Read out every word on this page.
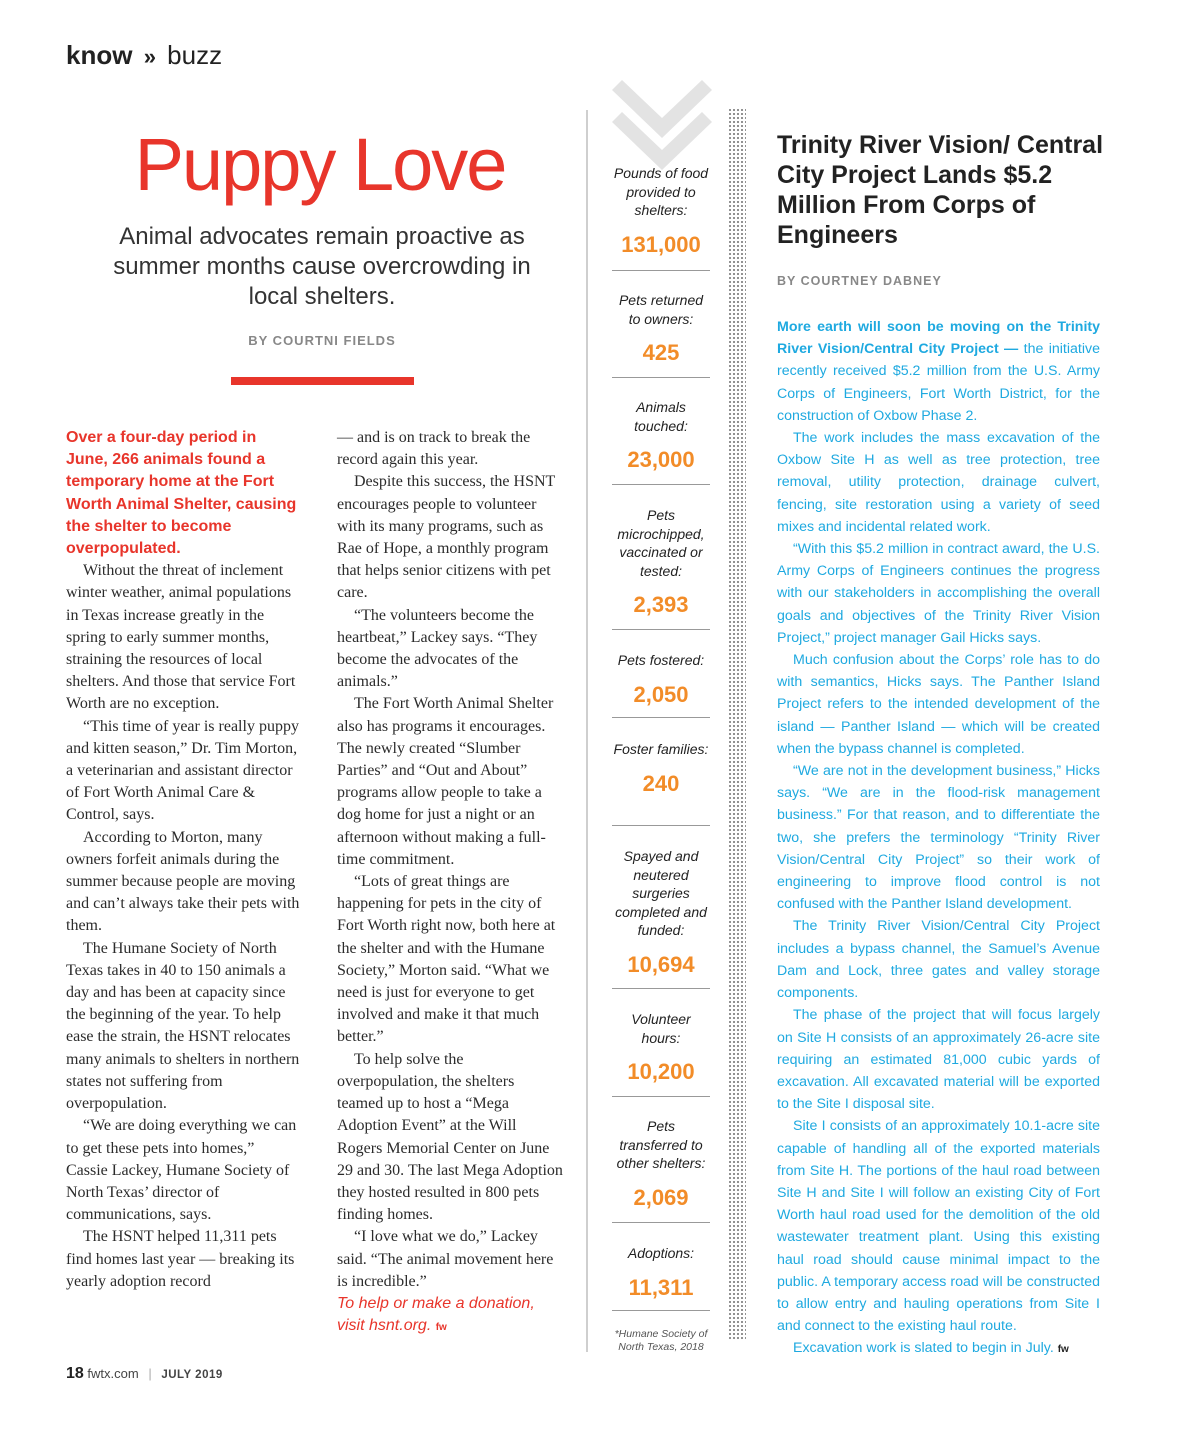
know » buzz
Puppy Love
Animal advocates remain proactive as summer months cause overcrowding in local shelters.
BY COURTNI FIELDS

Over a four-day period in June, 266 animals found a temporary home at the Fort Worth Animal Shelter, causing the shelter to become overpopulated.

Without the threat of inclement winter weather, animal populations in Texas increase greatly in the spring to early summer months, straining the resources of local shelters. And those that service Fort Worth are no exception.

“This time of year is really puppy and kitten season,” Dr. Tim Morton, a veterinarian and assistant director of Fort Worth Animal Care & Control, says.

According to Morton, many owners forfeit animals during the summer because people are moving and can’t always take their pets with them.

The Humane Society of North Texas takes in 40 to 150 animals a day and has been at capacity since the beginning of the year. To help ease the strain, the HSNT relocates many animals to shelters in northern states not suffering from overpopulation.

“We are doing everything we can to get these pets into homes,” Cassie Lackey, Humane Society of North Texas’ director of communications, says.

The HSNT helped 11,311 pets find homes last year — breaking its yearly adoption record

— and is on track to break the record again this year.

Despite this success, the HSNT encourages people to volunteer with its many programs, such as Rae of Hope, a monthly program that helps senior citizens with pet care.

“The volunteers become the heartbeat,” Lackey says. “They become the advocates of the animals.”

The Fort Worth Animal Shelter also has programs it encourages. The newly created “Slumber Parties” and “Out and About” programs allow people to take a dog home for just a night or an afternoon without making a full-time commitment.

“Lots of great things are happening for pets in the city of Fort Worth right now, both here at the shelter and with the Humane Society,” Morton said. “What we need is just for everyone to get involved and make it that much better.”

To help solve the overpopulation, the shelters teamed up to host a “Mega Adoption Event” at the Will Rogers Memorial Center on June 29 and 30. The last Mega Adoption they hosted resulted in 800 pets finding homes.

“I love what we do,” Lackey said. “The animal movement here is incredible.”

To help or make a donation, visit hsnt.org. fw

Pounds of food provided to shelters:
131,000
Pets returned to owners:
425
Animals touched:
23,000
Pets microchipped, vaccinated or tested:
2,393
Pets fostered:
2,050
Foster families:
240
Spayed and neutered surgeries completed and funded:
10,694
Volunteer hours:
10,200
Pets transferred to other shelters:
2,069
Adoptions:
11,311
*Humane Society of North Texas, 2018
Trinity River Vision/ Central City Project Lands $5.2 Million From Corps of Engineers
BY COURTNEY DABNEY

More earth will soon be moving on the Trinity River Vision/Central City Project — the initiative recently received $5.2 million from the U.S. Army Corps of Engineers, Fort Worth District, for the construction of Oxbow Phase 2.

The work includes the mass excavation of the Oxbow Site H as well as tree protection, tree removal, utility protection, drainage culvert, fencing, site restoration using a variety of seed mixes and incidental related work.

“With this $5.2 million in contract award, the U.S. Army Corps of Engineers continues the progress with our stakeholders in accomplishing the overall goals and objectives of the Trinity River Vision Project,” project manager Gail Hicks says.

Much confusion about the Corps’ role has to do with semantics, Hicks says. The Panther Island Project refers to the intended development of the island — Panther Island — which will be created when the bypass channel is completed.

“We are not in the development business,” Hicks says. “We are in the flood-risk management business.” For that reason, and to differentiate the two, she prefers the terminology “Trinity River Vision/Central City Project” so their work of engineering to improve flood control is not confused with the Panther Island development.

The Trinity River Vision/Central City Project includes a bypass channel, the Samuel’s Avenue Dam and Lock, three gates and valley storage components.

The phase of the project that will focus largely on Site H consists of an approximately 26-acre site requiring an estimated 81,000 cubic yards of excavation. All excavated material will be exported to the Site I disposal site.

Site I consists of an approximately 10.1-acre site capable of handling all of the exported materials from Site H. The portions of the haul road between Site H and Site I will follow an existing City of Fort Worth haul road used for the demolition of the old wastewater treatment plant. Using this existing haul road should cause minimal impact to the public. A temporary access road will be constructed to allow entry and hauling operations from Site I and connect to the existing haul route.

Excavation work is slated to begin in July. fw

18 fwtx.com | JULY 2019
